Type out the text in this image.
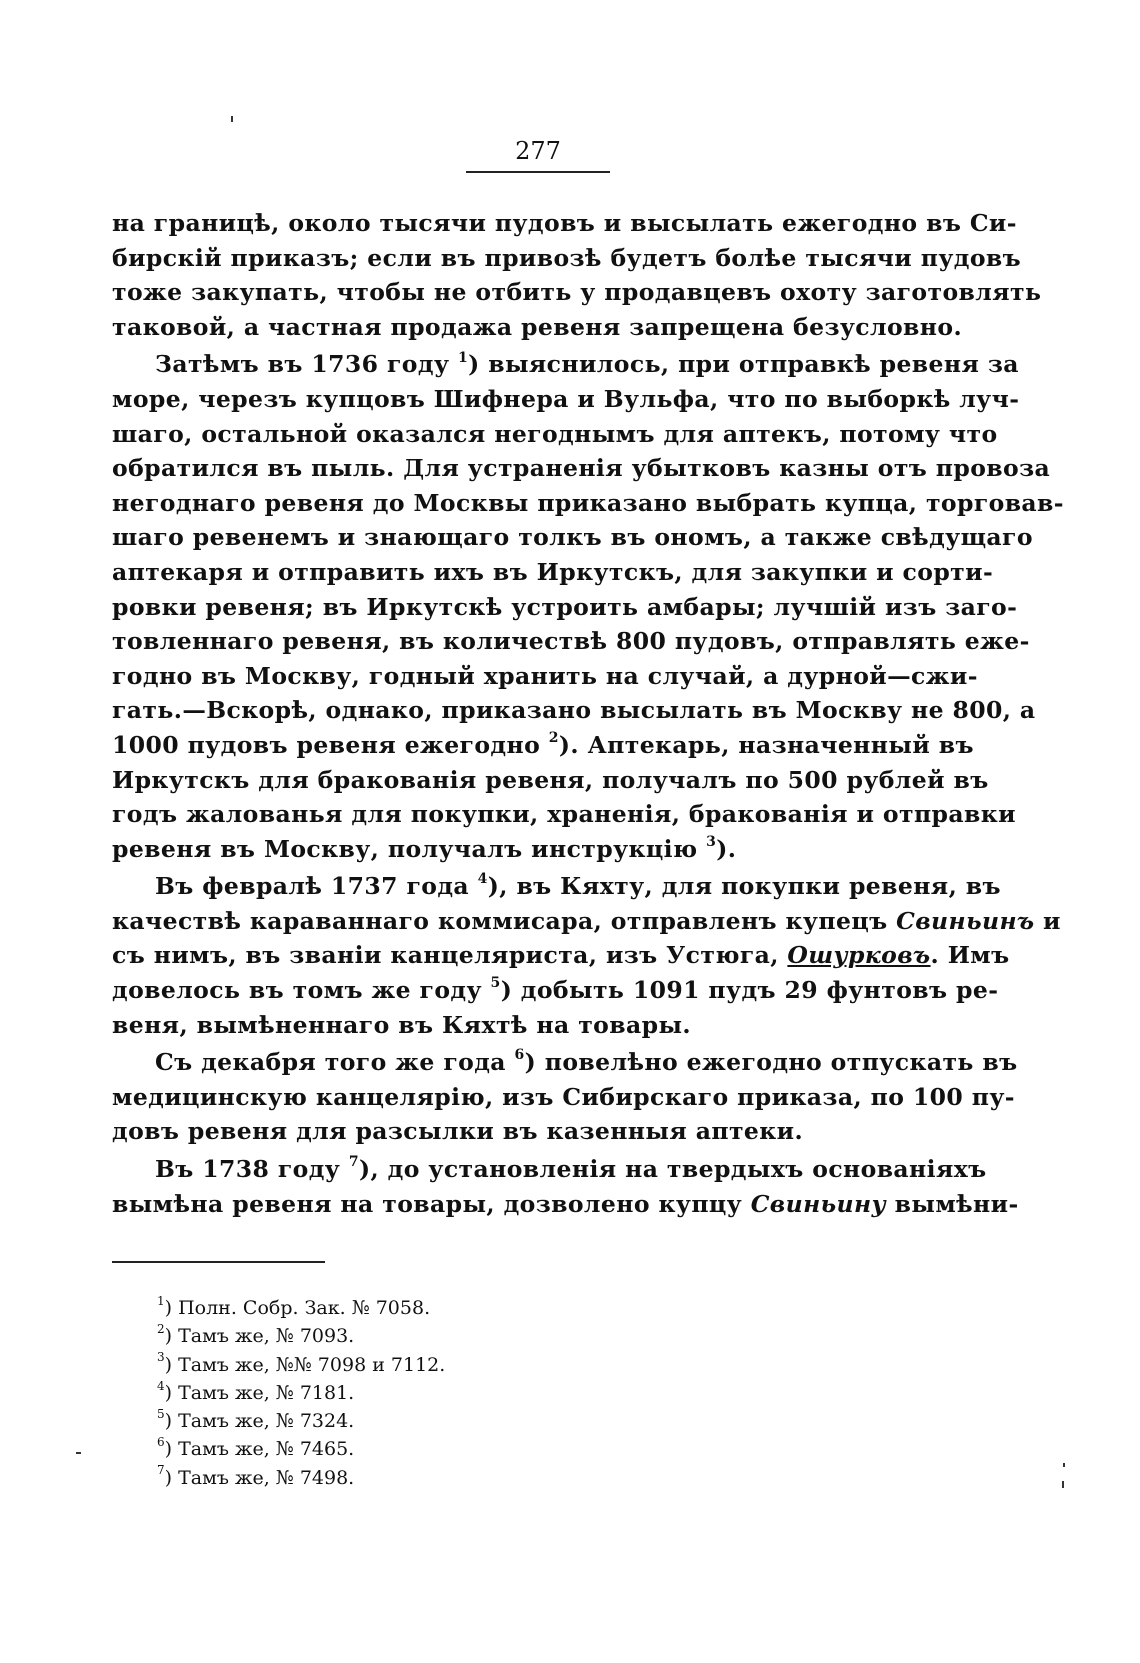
277
на границѣ, около тысячи пудовъ и высылать ежегодно въ Си-
бирскій приказъ; если въ привозѣ будетъ болѣе тысячи пудовъ
тоже закупать, чтобы не отбить у продавцевъ охоту заготовлять
таковой, а частная продажа ревеня запрещена безусловно.
Затѣмъ въ 1736 году $^1$) выяснилось, при отправкѣ ревеня за
море, черезъ купцовъ Шифнера и Вульфа, что по выборкѣ луч-
шаго, остальной оказался негоднымъ для аптекъ, потому что
обратился въ пыль. Для устраненія убытковъ казны отъ провоза
негоднаго ревеня до Москвы приказано выбрать купца, торговав-
шаго ревенемъ и знающаго толкъ въ ономъ, а также свѣдущаго
аптекаря и отправить ихъ въ Иркутскъ, для закупки и сорти-
ровки ревеня; въ Иркутскѣ устроить амбары; лучшій изъ заго-
товленнаго ревеня, въ количествѣ 800 пудовъ, отправлять еже-
годно въ Москву, годный хранить на случай, а дурной—сжи-
гать.—Вскорѣ, однако, приказано высылать въ Москву не 800, а
1000 пудовъ ревеня ежегодно $^2$). Аптекарь, назначенный въ
Иркутскъ для бракованія ревеня, получалъ по 500 рублей въ
годъ жалованья для покупки, храненія, бракованія и отправки
ревеня въ Москву, получалъ инструкцію $^3$).
Въ февралѣ 1737 года $^4$), въ Кяхту, для покупки ревеня, въ
качествѣ караваннаго коммисара, отправленъ купецъ Свиньинъ и
съ нимъ, въ званіи канцеляриста, изъ Устюга, Ошурковъ. Имъ
довелось въ томъ же году $^5$) добыть 1091 пудъ 29 фунтовъ ре-
веня, вымѣненнаго въ Кяхтѣ на товары.
Съ декабря того же года $^6$) повелѣно ежегодно отпускать въ
медицинскую канцелярію, изъ Сибирскаго приказа, по 100 пу-
довъ ревеня для разсылки въ казенныя аптеки.
Въ 1738 году $^7$), до установленія на твердыхъ основаніяхъ
вымѣна ревеня на товары, дозволено купцу Свиньину вымѣни-
$^1$) Полн. Собр. Зак. № 7058.
$^2$) Тамъ же, № 7093.
$^3$) Тамъ же, №№ 7098 и 7112.
$^4$) Тамъ же, № 7181.
$^5$) Тамъ же, № 7324.
$^6$) Тамъ же, № 7465.
$^7$) Тамъ же, № 7498.
